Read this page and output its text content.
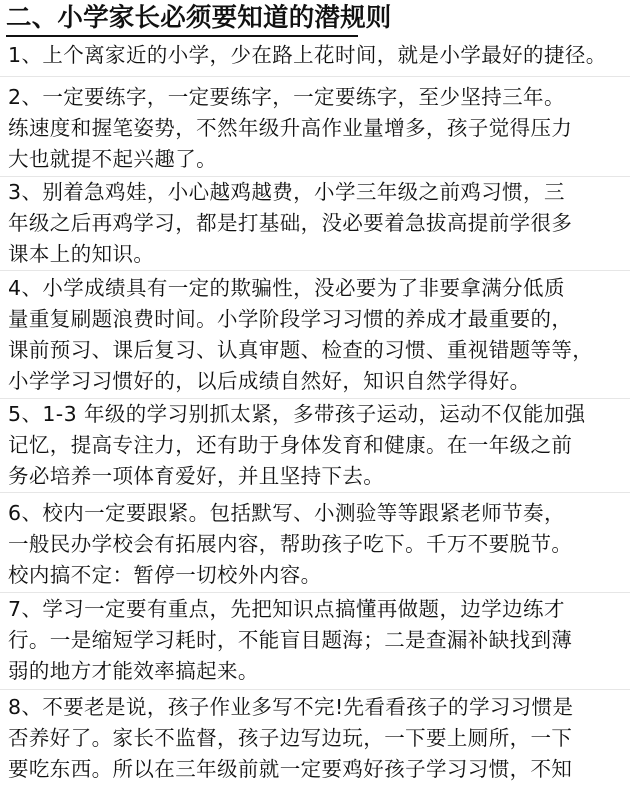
二、小学家长必须要知道的潜规则
1、上个离家近的小学，少在路上花时间，就是小学最好的捷径。
2、一定要练字，一定要练字，一定要练字，至少坚持三年。
练速度和握笔姿势，不然年级升高作业量增多，孩子觉得压力
大也就提不起兴趣了。
3、别着急鸡娃，小心越鸡越费，小学三年级之前鸡习惯，三
年级之后再鸡学习，都是打基础，没必要着急拔高提前学很多
课本上的知识。
4、小学成绩具有一定的欺骗性，没必要为了非要拿满分低质
量重复刷题浪费时间。小学阶段学习习惯的养成才最重要的，
课前预习、课后复习、认真审题、检查的习惯、重视错题等等，
小学学习习惯好的，以后成绩自然好，知识自然学得好。
5、1-3 年级的学习别抓太紧，多带孩子运动，运动不仅能加强
记忆，提高专注力，还有助于身体发育和健康。在一年级之前
务必培养一项体育爱好，并且坚持下去。
6、校内一定要跟紧。包括默写、小测验等等跟紧老师节奏，
一般民办学校会有拓展内容，帮助孩子吃下。千万不要脱节。
校内搞不定：暂停一切校外内容。
7、学习一定要有重点，先把知识点搞懂再做题，边学边练才
行。一是缩短学习耗时，不能盲目题海；二是查漏补缺找到薄
弱的地方才能效率搞起来。
8、不要老是说，孩子作业多写不完!先看看孩子的学习习惯是
否养好了。家长不监督，孩子边写边玩，一下要上厕所，一下
要吃东西。所以在三年级前就一定要鸡好孩子学习习惯，不知
